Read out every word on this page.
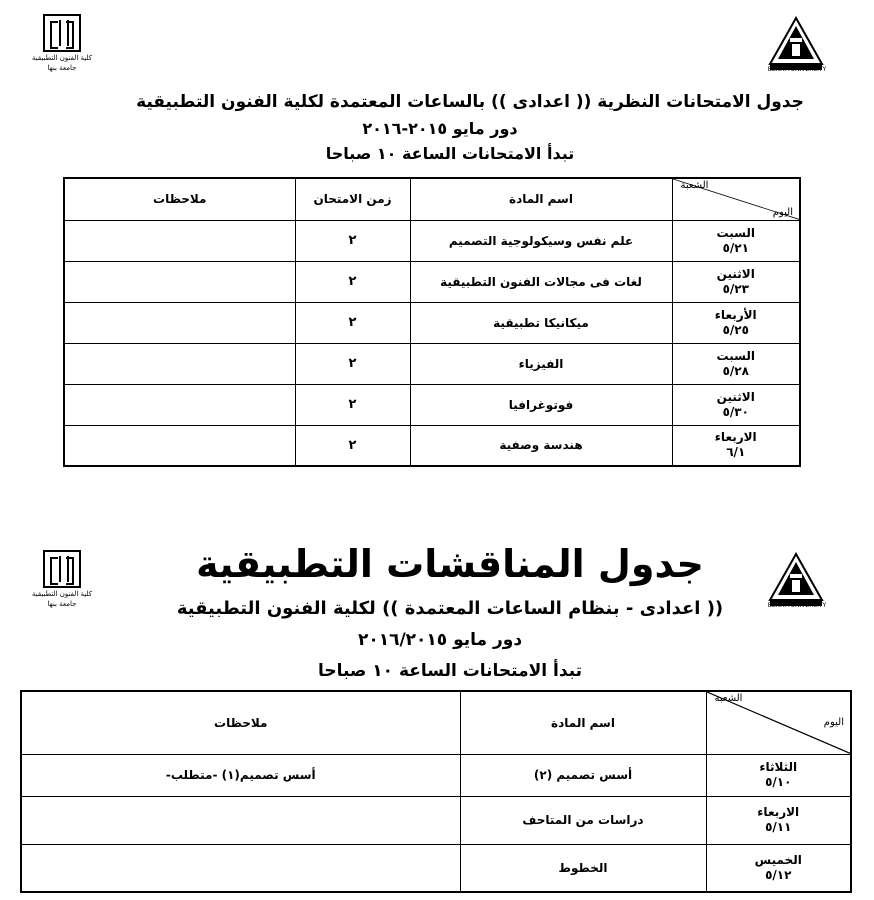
كلية الفنون التطبيقية
جامعة بنها	BENHA UNIVERSITY
جدول الامتحانات النظرية (( اعدادى )) بالساعات المعتمدة لكلية الفنون التطبيقية
دور مايو ٢٠١٥-٢٠١٦
تبدأ الامتحانات الساعة ١٠ صباحا
ملاحظات	زمن الامتحان	اسم المادة	الشعبة
اليوم

	٢	علم نفس وسيكولوجية التصميم	السبت
٥/٢١

	٢	لغات فى مجالات الفنون التطبيقية	الاثنين
٥/٢٣

	٢	ميكانيكا تطبيقية	الأربعاء
٥/٢٥

	٢	الفيزياء	السبت
٥/٢٨

	٢	فوتوغرافيا	الاثنين
٥/٣٠

	٢	هندسة وصفية	الاربعاء
٦/١
كلية الفنون التطبيقية
جامعة بنها	BENHA UNIVERSITY
جدول المناقشات التطبيقية
(( اعدادى - بنظام الساعات المعتمدة )) لكلية الفنون التطبيقية
دور مايو ٢٠١٦/٢٠١٥
تبدأ الامتحانات الساعة ١٠ صباحا
ملاحظات	اسم المادة	الشعبة
اليوم

أسس تصميم(١) -متطلب-	أسس تصميم (٢)	الثلاثاء
٥/١٠

	دراسات من المتاحف	الاربعاء
٥/١١

	الخطوط	الخميس
٥/١٢
